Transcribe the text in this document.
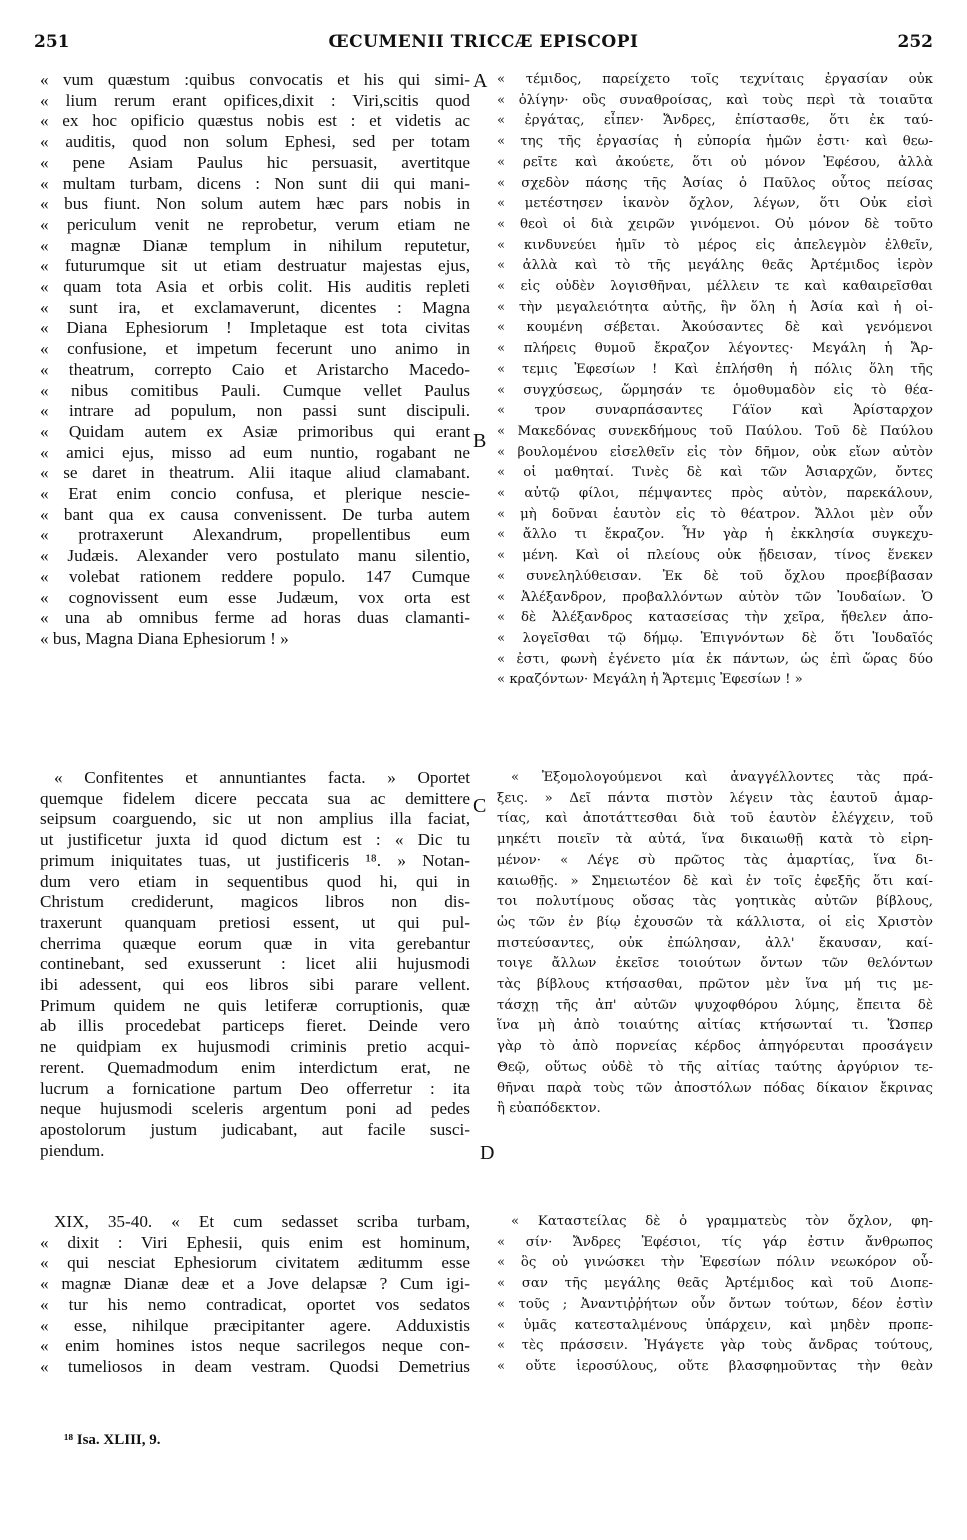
251	ŒCUMENII TRICCÆ EPISCOPI	252
A
B
C
D
« vum quæstum :quibus convocatis et his qui simi-
« lium rerum erant opifices,dixit : Viri,scitis quod
« ex hoc opificio quæstus nobis est : et videtis ac
« auditis, quod non solum Ephesi, sed per totam
« pene Asiam Paulus hic persuasit, avertitque
« multam turbam, dicens : Non sunt dii qui mani-
« bus fiunt. Non solum autem hæc pars nobis in
« periculum venit ne reprobetur, verum etiam ne
« magnæ Dianæ templum in nihilum reputetur,
« futurumque sit ut etiam destruatur majestas ejus,
« quam tota Asia et orbis colit. His auditis repleti
« sunt ira, et exclamaverunt, dicentes : Magna
« Diana Ephesiorum ! Impletaque est tota civitas
« confusione, et impetum fecerunt uno animo in
« theatrum, correpto Caio et Aristarcho Macedo-
« nibus comitibus Pauli. Cumque vellet Paulus
« intrare ad populum, non passi sunt discipuli.
« Quidam autem ex Asiæ primoribus qui erant
« amici ejus, misso ad eum nuntio, rogabant ne
« se daret in theatrum. Alii itaque aliud clamabant.
« Erat enim concio confusa, et plerique nescie-
« bant qua ex causa convenissent. De turba autem
« protraxerunt Alexandrum, propellentibus eum
« Judæis. Alexander vero postulato manu silentio,
« volebat rationem reddere populo. 147 Cumque
« cognovissent eum esse Judæum, vox orta est
« una ab omnibus ferme ad horas duas clamanti-
« bus, Magna Diana Ephesiorum ! »
« Confitentes et annuntiantes facta. » Oportet
quemque fidelem dicere peccata sua ac demittere
seipsum coarguendo, sic ut non amplius illa faciat,
ut justificetur juxta id quod dictum est : « Dic tu
primum iniquitates tuas, ut justificeris ¹⁸. » Notan-
dum vero etiam in sequentibus quod hi, qui in
Christum crediderunt, magicos libros non dis-
traxerunt quanquam pretiosi essent, ut qui pul-
cherrima quæque eorum quæ in vita gerebantur
continebant, sed exusserunt : licet alii hujusmodi
ibi adessent, qui eos libros sibi parare vellent.
Primum quidem ne quis letiferæ corruptionis, quæ
ab illis procedebat particeps fieret. Deinde vero
ne quidpiam ex hujusmodi criminis pretio acqui-
rerent. Quemadmodum enim interdictum erat, ne
lucrum a fornicatione partum Deo offerretur : ita
neque hujusmodi sceleris argentum poni ad pedes
apostolorum justum judicabant, aut facile susci-
piendum.
XIX, 35-40. « Et cum sedasset scriba turbam,
« dixit : Viri Ephesii, quis enim est hominum,
« qui nesciat Ephesiorum civitatem æditumm esse
« magnæ Dianæ deæ et a Jove delapsæ ? Cum igi-
« tur his nemo contradicat, oportet vos sedatos
« esse, nihilque præcipitanter agere. Adduxistis
« enim homines istos neque sacrilegos neque con-
« tumeliosos in deam vestram. Quodsi Demetrius
« τέμιδος, παρείχετο τοῖς τεχνίταις ἐργασίαν οὐκ
« ὀλίγην· οὓς συναθροίσας, καὶ τοὺς περὶ τὰ τοιαῦτα
« ἐργάτας, εἶπεν· Ἄνδρες, ἐπίστασθε, ὅτι ἐκ ταύ-
« της τῆς ἐργασίας ἡ εὐπορία ἡμῶν ἐστι· καὶ θεω-
« ρεῖτε καὶ ἀκούετε, ὅτι οὐ μόνον Ἐφέσου, ἀλλὰ
« σχεδὸν πάσης τῆς Ἀσίας ὁ Παῦλος οὗτος πείσας
« μετέστησεν ἱκανὸν ὄχλον, λέγων, ὅτι Οὐκ εἰσὶ
« θεοὶ οἱ διὰ χειρῶν γινόμενοι. Οὐ μόνον δὲ τοῦτο
« κινδυνεύει ἡμῖν τὸ μέρος εἰς ἀπελεγμὸν ἐλθεῖν,
« ἀλλὰ καὶ τὸ τῆς μεγάλης θεᾶς Ἀρτέμιδος ἱερὸν
« εἰς οὐδὲν λογισθῆναι, μέλλειν τε καὶ καθαιρεῖσθαι
« τὴν μεγαλειότητα αὐτῆς, ἣν ὅλη ἡ Ἀσία καὶ ἡ οἰ-
« κουμένη σέβεται. Ἀκούσαντες δὲ καὶ γενόμενοι
« πλήρεις θυμοῦ ἔκραζον λέγοντες· Μεγάλη ἡ Ἄρ-
« τεμις Ἐφεσίων ! Καὶ ἐπλήσθη ἡ πόλις ὅλη τῆς
« συγχύσεως, ὥρμησάν τε ὁμοθυμαδὸν εἰς τὸ θέα-
« τρον συναρπάσαντες Γάϊον καὶ Ἀρίσταρχον
« Μακεδόνας συνεκδήμους τοῦ Παύλου. Τοῦ δὲ Παύλου
« βουλομένου εἰσελθεῖν εἰς τὸν δῆμον, οὐκ εἴων αὐτὸν
« οἱ μαθηταί. Τινὲς δὲ καὶ τῶν Ἀσιαρχῶν, ὄντες
« αὐτῷ φίλοι, πέμψαντες πρὸς αὐτὸν, παρεκάλουν,
« μὴ δοῦναι ἑαυτὸν εἰς τὸ θέατρον. Ἄλλοι μὲν οὖν
« ἄλλο τι ἔκραζον. Ἦν γὰρ ἡ ἐκκλησία συγκεχυ-
« μένη. Καὶ οἱ πλείους οὐκ ᾔδεισαν, τίνος ἕνεκεν
« συνεληλύθεισαν. Ἐκ δὲ τοῦ ὄχλου προεβίβασαν
« Ἀλέξανδρον, προβαλλόντων αὐτὸν τῶν Ἰουδαίων. Ὁ
« δὲ Ἀλέξανδρος κατασείσας τὴν χεῖρα, ἤθελεν ἀπο-
« λογεῖσθαι τῷ δήμῳ. Ἐπιγνόντων δὲ ὅτι Ἰουδαῖός
« ἐστι, φωνὴ ἐγένετο μία ἐκ πάντων, ὡς ἐπὶ ὥρας δύο
« κραζόντων· Μεγάλη ἡ Ἄρτεμις Ἐφεσίων ! »
« Ἐξομολογούμενοι καὶ ἀναγγέλλοντες τὰς πρά-
ξεις. » Δεῖ πάντα πιστὸν λέγειν τὰς ἑαυτοῦ ἁμαρ-
τίας, καὶ ἀποτάττεσθαι διὰ τοῦ ἑαυτὸν ἐλέγχειν, τοῦ
μηκέτι ποιεῖν τὰ αὐτά, ἵνα δικαιωθῇ κατὰ τὸ εἰρη-
μένον· « Λέγε σὺ πρῶτος τὰς ἁμαρτίας, ἵνα δι-
καιωθῇς. » Σημειωτέον δὲ καὶ ἐν τοῖς ἐφεξῆς ὅτι καί-
τοι πολυτίμους οὔσας τὰς γοητικὰς αὐτῶν βίβλους,
ὡς τῶν ἐν βίῳ ἐχουσῶν τὰ κάλλιστα, οἱ εἰς Χριστὸν
πιστεύσαντες, οὐκ ἐπώλησαν, ἀλλ' ἔκαυσαν, καί-
τοιγε ἄλλων ἐκεῖσε τοιούτων ὄντων τῶν θελόντων
τὰς βίβλους κτήσασθαι, πρῶτον μὲν ἵνα μή τις με-
τάσχῃ τῆς ἀπ' αὐτῶν ψυχοφθόρου λύμης, ἔπειτα δὲ
ἵνα μὴ ἀπὸ τοιαύτης αἰτίας κτήσωνταί τι. Ὥσπερ
γὰρ τὸ ἀπὸ πορνείας κέρδος ἀπηγόρευται προσάγειν
Θεῷ, οὕτως οὐδὲ τὸ τῆς αἰτίας ταύτης ἀργύριον τε-
θῆναι παρὰ τοὺς τῶν ἀποστόλων πόδας δίκαιον ἔκρινας
ἢ εὐαπόδεκτον.
« Καταστείλας δὲ ὁ γραμματεὺς τὸν ὄχλον, φη-
« σίν· Ἄνδρες Ἐφέσιοι, τίς γάρ ἐστιν ἄνθρωπος
« ὃς οὐ γινώσκει τὴν Ἐφεσίων πόλιν νεωκόρον οὖ-
« σαν τῆς μεγάλης θεᾶς Ἀρτέμιδος καὶ τοῦ Διοπε-
« τοῦς ; Ἀναντιῤῥήτων οὖν ὄντων τούτων, δέον ἐστὶν
« ὑμᾶς κατεσταλμένους ὑπάρχειν, καὶ μηδὲν προπε-
« τὲς πράσσειν. Ἠγάγετε γὰρ τοὺς ἄνδρας τούτους,
« οὔτε ἱεροσύλους, οὔτε βλασφημοῦντας τὴν θεὰν
¹⁸ Isa. XLIII, 9.
